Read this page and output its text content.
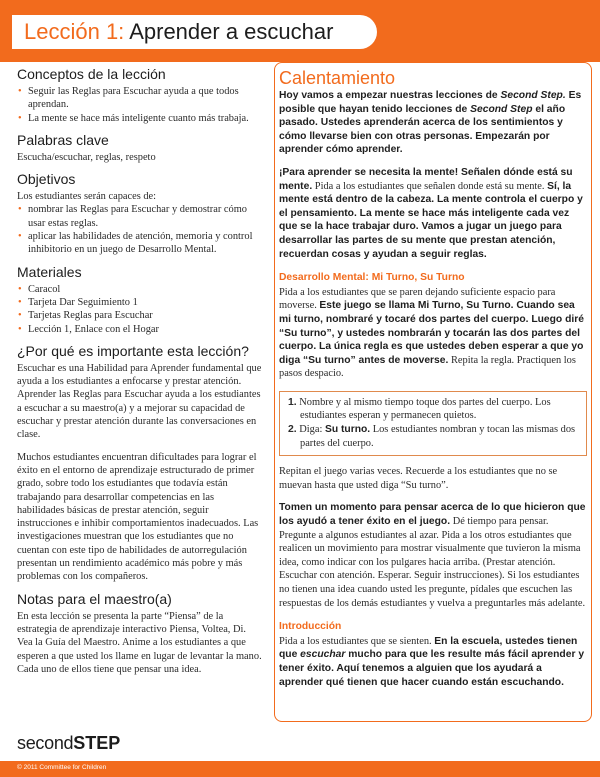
Lección 1: Aprender a escuchar
Conceptos de la lección
• Seguir las Reglas para Escuchar ayuda a que todos aprendan.
• La mente se hace más inteligente cuanto más trabaja.
Palabras clave

Escucha/escuchar, reglas, respeto

Objetivos

Los estudiantes serán capaces de:

• nombrar las Reglas para Escuchar y demostrar cómo usar estas reglas.
• aplicar las habilidades de atención, memoria y control inhibitorio en un juego de Desarrollo Mental.
Materiales
• Caracol
• Tarjeta Dar Seguimiento 1
• Tarjetas Reglas para Escuchar
• Lección 1, Enlace con el Hogar
¿Por qué es importante esta lección?

Escuchar es una Habilidad para Aprender fundamental que ayuda a los estudiantes a enfocarse y prestar atención. Aprender las Reglas para Escuchar ayuda a los estudiantes a escuchar a su maestro(a) y a mejorar su capacidad de escuchar y prestar atención durante las conversaciones en clase.

Muchos estudiantes encuentran dificultades para lograr el éxito en el entorno de aprendizaje estructurado de primer grado, sobre todo los estudiantes que todavía están trabajando para desarrollar competencias en las habilidades básicas de prestar atención, seguir instrucciones e inhibir comportamientos inadecuados. Las investigaciones muestran que los estudiantes que no cuentan con este tipo de habilidades de autorregulación presentan un rendimiento académico más pobre y más problemas con los compañeros.

Notas para el maestro(a)

En esta lección se presenta la parte “Piensa” de la estrategia de aprendizaje interactivo Piensa, Voltea, Di. Vea la Guía del Maestro. Anime a los estudiantes a que esperen a que usted los llame en lugar de levantar la mano. Cada uno de ellos tiene que pensar una idea.

Calentamiento

Hoy vamos a empezar nuestras lecciones de Second Step. Es posible que hayan tenido lecciones de Second Step el año pasado. Ustedes aprenderán acerca de los sentimientos y cómo llevarse bien con otras personas. Empezarán por aprender cómo aprender.

¡Para aprender se necesita la mente! Señalen dónde está su mente. Pida a los estudiantes que señalen donde está su mente. Sí, la mente está dentro de la cabeza. La mente controla el cuerpo y el pensamiento. La mente se hace más inteligente cada vez que se la hace trabajar duro. Vamos a jugar un juego para desarrollar las partes de su mente que prestan atención, recuerdan cosas y ayudan a seguir reglas.

Desarrollo Mental: Mi Turno, Su Turno

Pida a los estudiantes que se paren dejando suficiente espacio para moverse. Este juego se llama Mi Turno, Su Turno. Cuando sea mi turno, nombraré y tocaré dos partes del cuerpo. Luego diré “Su turno”, y ustedes nombrarán y tocarán las dos partes del cuerpo. La única regla es que ustedes deben esperar a que yo diga “Su turno” antes de moverse. Repita la regla. Practiquen los pasos despacio.

1. Nombre y al mismo tiempo toque dos partes del cuerpo. Los estudiantes esperan y permanecen quietos.
2. Diga: Su turno. Los estudiantes nombran y tocan las mismas dos partes del cuerpo.

Repitan el juego varias veces. Recuerde a los estudiantes que no se muevan hasta que usted diga “Su turno”.

Tomen un momento para pensar acerca de lo que hicieron que los ayudó a tener éxito en el juego. Dé tiempo para pensar. Pregunte a algunos estudiantes al azar. Pida a los otros estudiantes que realicen un movimiento para mostrar visualmente que tuvieron la misma idea, como indicar con los pulgares hacia arriba. (Prestar atención. Escuchar con atención. Esperar. Seguir instrucciones). Si los estudiantes no tienen una idea cuando usted les pregunte, pídales que escuchen las respuestas de los demás estudiantes y vuelva a preguntarles más adelante.

Introducción

Pida a los estudiantes que se sienten. En la escuela, ustedes tienen que escuchar mucho para que les resulte más fácil aprender y tener éxito. Aquí tenemos a alguien que los ayudará a aprender qué tienen que hacer cuando están escuchando.

secondSTEP
© 2011 Committee for Children
